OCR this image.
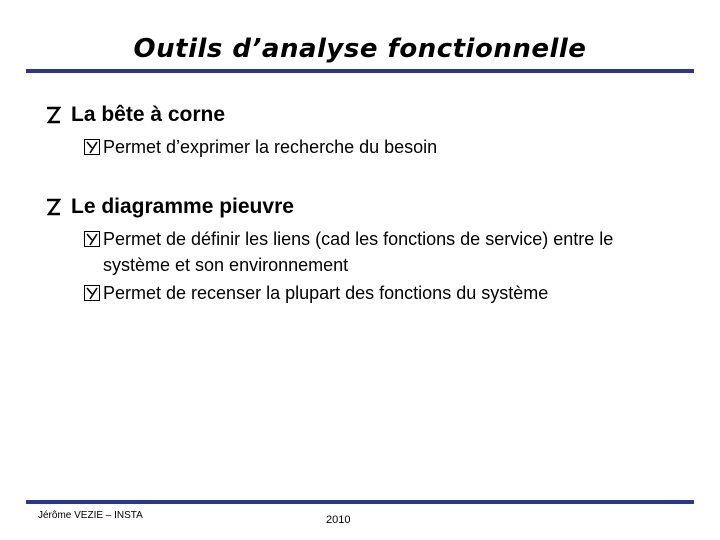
Outils d’analyse fonctionnelle
La bête à corne
Permet d’exprimer la recherche du besoin
Le diagramme pieuvre
Permet de définir les liens (cad les fonctions de service) entre le système et son environnement
Permet de recenser la plupart des fonctions du système
Jérôme VEZIE – INSTA	2010
